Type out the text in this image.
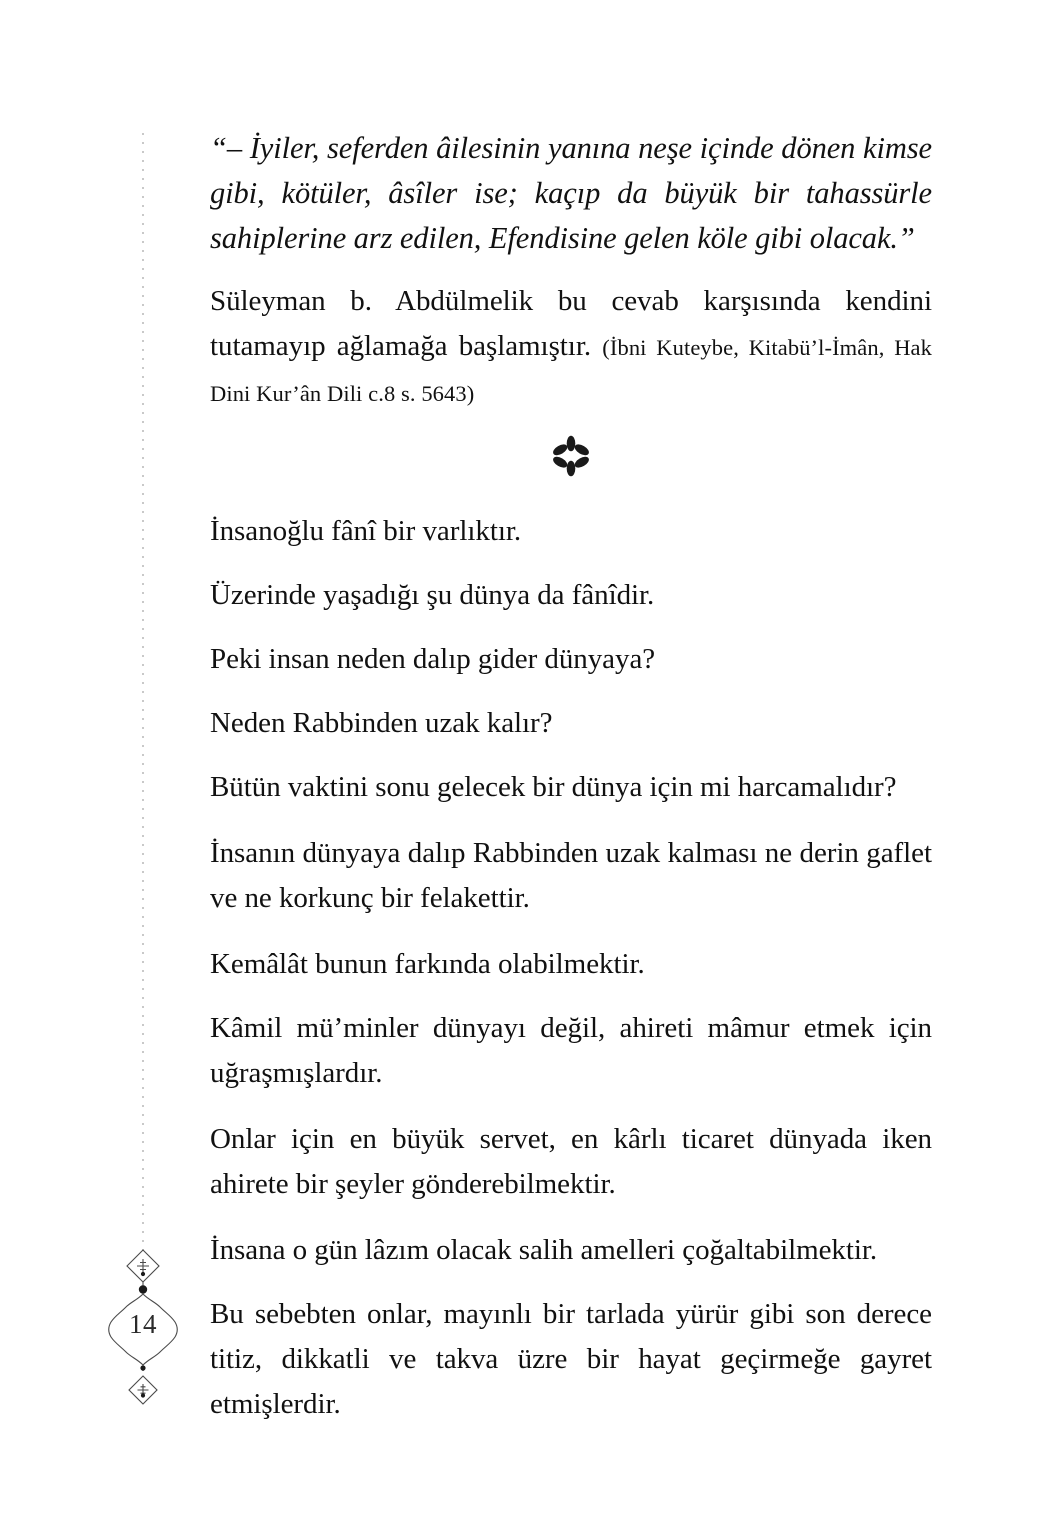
“– İyiler, seferden âilesinin yanına neşe içinde dönen kimse gibi, kötüler, âsîler ise; kaçıp da büyük bir tahassürle sahiplerine arz edilen, Efendisine gelen köle gibi olacak.”

Süleyman b. Abdülmelik bu cevab karşısında kendini tutamayıp ağlamağa başlamıştır. (İbni Kuteybe, Kitabü’l-İmân, Hak Dini Kur’ân Dili c.8 s. 5643)

İnsanoğlu fânî bir varlıktır.

Üzerinde yaşadığı şu dünya da fânîdir.

Peki insan neden dalıp gider dünyaya?

Neden Rabbinden uzak kalır?

Bütün vaktini sonu gelecek bir dünya için mi harcamalıdır?

İnsanın dünyaya dalıp Rabbinden uzak kalması ne derin gaflet ve ne korkunç bir felakettir.

Kemâlât bunun farkında olabilmektir.

Kâmil mü’minler dünyayı değil, ahireti mâmur etmek için uğraşmışlardır.

Onlar için en büyük servet, en kârlı ticaret dünyada iken ahirete bir şeyler gönderebilmektir.

İnsana o gün lâzım olacak salih amelleri çoğaltabilmektir.

Bu sebebten onlar, mayınlı bir tarlada yürür gibi son derece titiz, dikkatli ve takva üzre bir hayat geçirmeğe gayret etmişlerdir.

14
